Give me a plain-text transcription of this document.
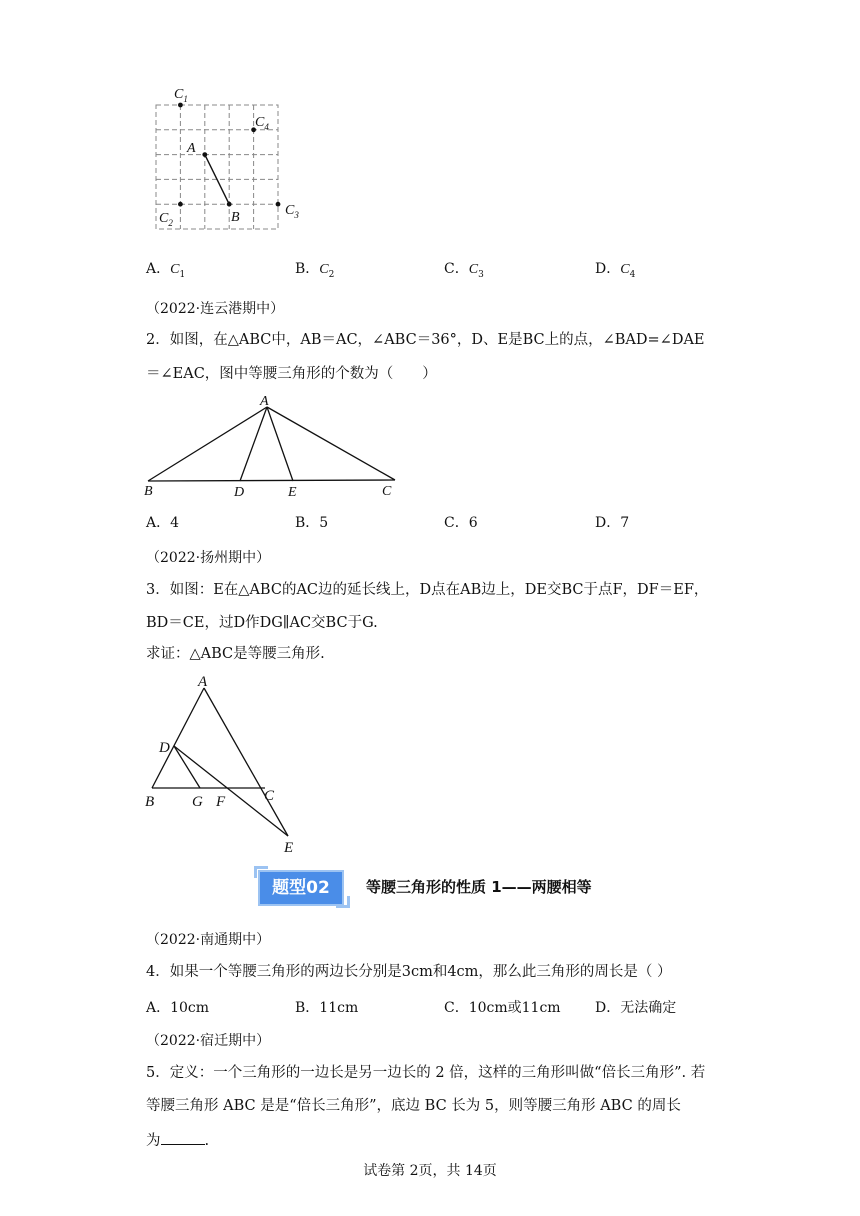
$C_1$
$C_4$
A
B
$C_2$
$C_3$
A．$C_1$	B．$C_2$	C．$C_3$	D．$C_4$
（2022·连云港期中）
2．如图，在△ABC中，AB＝AC，∠ABC＝36°，D、E是BC上的点，∠BAD=∠DAE
＝∠EAC，图中等腰三角形的个数为（　　）
A
B	D	E	C
A．4	B．5	C．6	D．7
（2022·扬州期中）
3．如图：E在△ABC的AC边的延长线上，D点在AB边上，DE交BC于点F，DF＝EF，
BD＝CE，过D作DG∥AC交BC于G.
求证：△ABC是等腰三角形.
A
D
B	G F	C
E
题型02	等腰三角形的性质 1——两腰相等
（2022·南通期中）
4．如果一个等腰三角形的两边长分别是3cm和4cm，那么此三角形的周长是（ ）
A．10cm	B．11cm	C．10cm或11cm D．无法确定
（2022·宿迁期中）
5．定义：一个三角形的一边长是另一边长的 2 倍，这样的三角形叫做“倍长三角形”. 若
等腰三角形 ABC 是是“倍长三角形”，底边 BC 长为 5，则等腰三角形 ABC 的周长
为	.
试卷第 2页，共 14页
